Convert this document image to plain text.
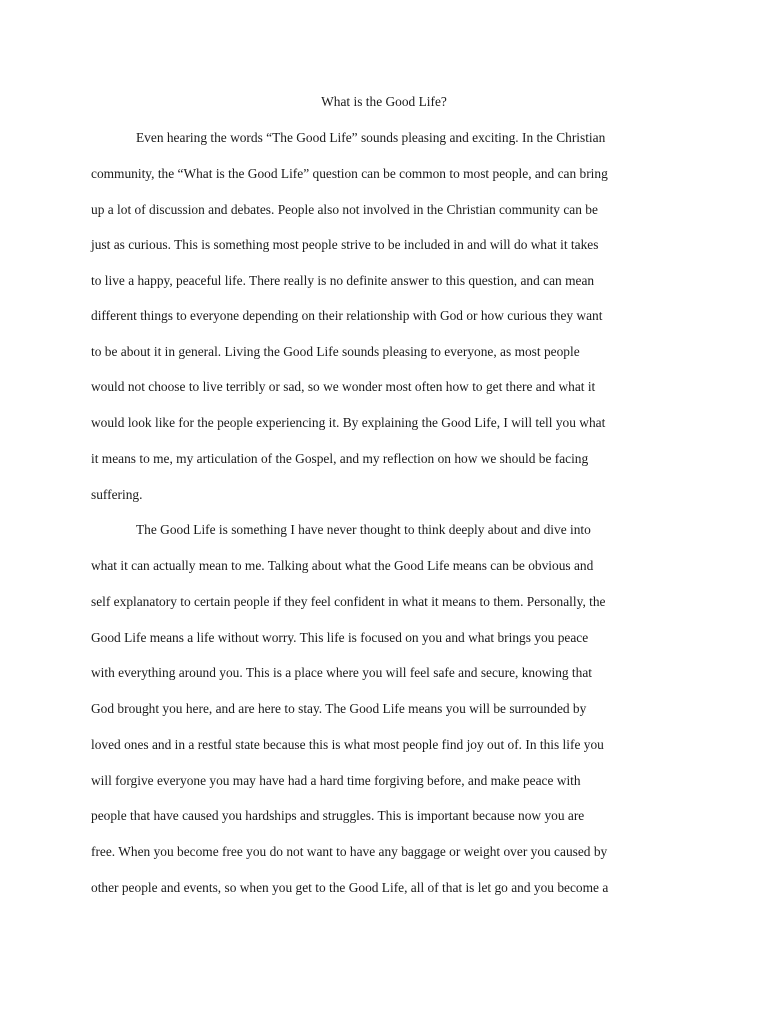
What is the Good Life?
Even hearing the words “The Good Life” sounds pleasing and exciting. In the Christian
community, the “What is the Good Life” question can be common to most people, and can bring
up a lot of discussion and debates. People also not involved in the Christian community can be
just as curious. This is something most people strive to be included in and will do what it takes
to live a happy, peaceful life. There really is no definite answer to this question, and can mean
different things to everyone depending on their relationship with God or how curious they want
to be about it in general. Living the Good Life sounds pleasing to everyone, as most people
would not choose to live terribly or sad, so we wonder most often how to get there and what it
would look like for the people experiencing it. By explaining the Good Life, I will tell you what
it means to me, my articulation of the Gospel, and my reflection on how we should be facing
suffering.
The Good Life is something I have never thought to think deeply about and dive into
what it can actually mean to me. Talking about what the Good Life means can be obvious and
self explanatory to certain people if they feel confident in what it means to them. Personally, the
Good Life means a life without worry. This life is focused on you and what brings you peace
with everything around you. This is a place where you will feel safe and secure, knowing that
God brought you here, and are here to stay. The Good Life means you will be surrounded by
loved ones and in a restful state because this is what most people find joy out of. In this life you
will forgive everyone you may have had a hard time forgiving before, and make peace with
people that have caused you hardships and struggles. This is important because now you are
free. When you become free you do not want to have any baggage or weight over you caused by
other people and events, so when you get to the Good Life, all of that is let go and you become a
